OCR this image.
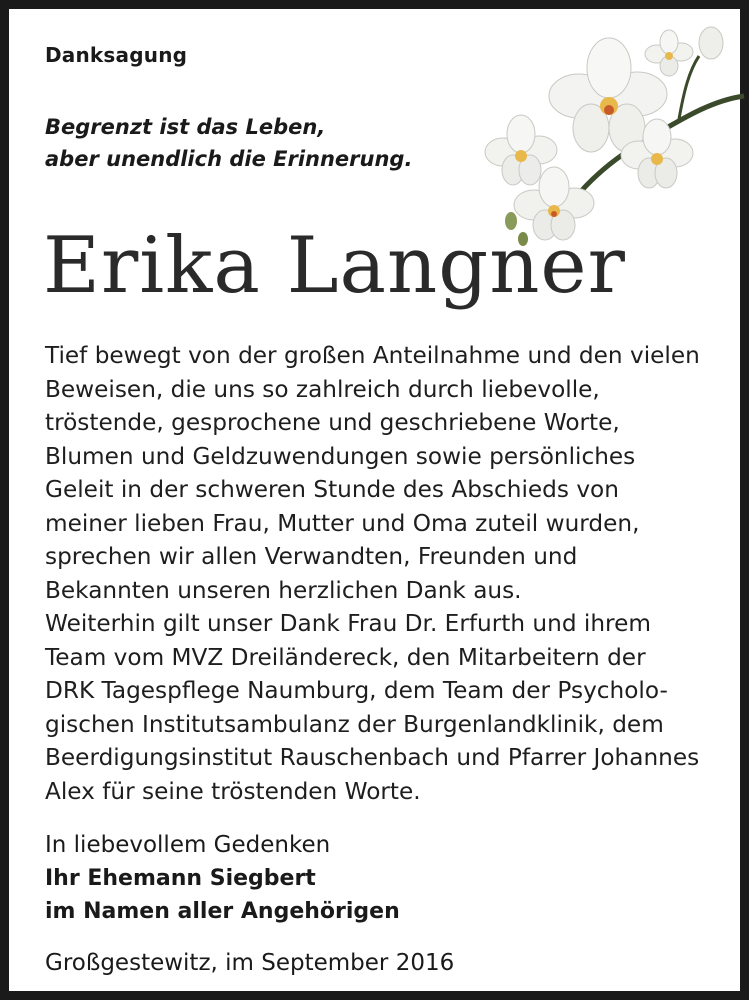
Danksagung
Begrenzt ist das Leben,
aber unendlich die Erinnerung.
Erika Langner
Tief bewegt von der großen Anteilnahme und den vielen
Beweisen, die uns so zahlreich durch liebevolle,
tröstende, gesprochene und geschriebene Worte,
Blumen und Geldzuwendungen sowie persönliches
Geleit in der schweren Stunde des Abschieds von
meiner lieben Frau, Mutter und Oma zuteil wurden,
sprechen wir allen Verwandten, Freunden und
Bekannten unseren herzlichen Dank aus.
Weiterhin gilt unser Dank Frau Dr. Erfurth und ihrem
Team vom MVZ Dreiländereck, den Mitarbeitern der
DRK Tagespflege Naumburg, dem Team der Psycholo-
gischen Institutsambulanz der Burgenlandklinik, dem
Beerdigungsinstitut Rauschenbach und Pfarrer Johannes
Alex für seine tröstenden Worte.
In liebevollem Gedenken
Ihr Ehemann Siegbert
im Namen aller Angehörigen
Großgestewitz, im September 2016
